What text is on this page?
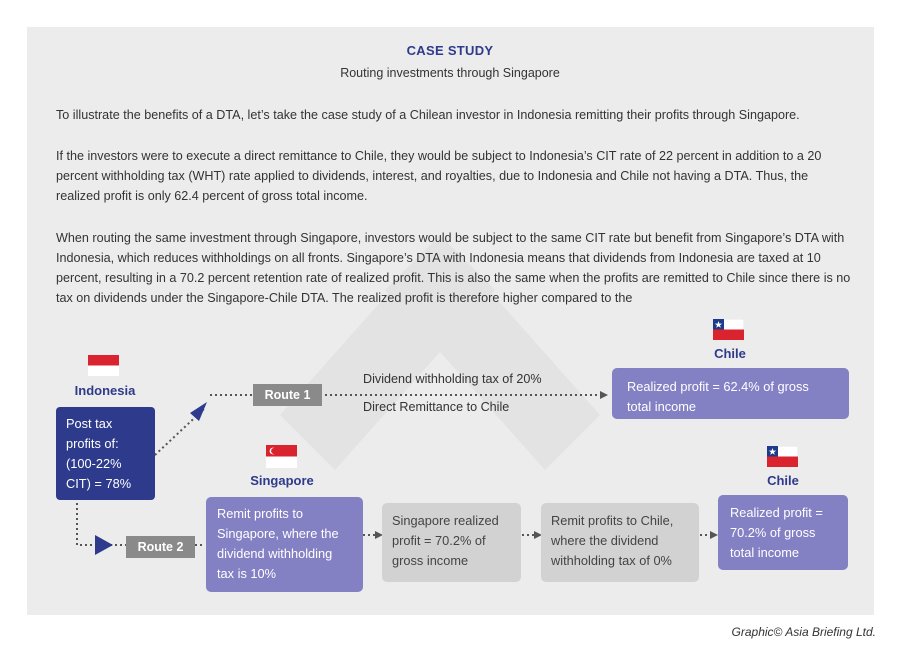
CASE STUDY
Routing investments through Singapore
To illustrate the benefits of a DTA, let’s take the case study of a Chilean investor in Indonesia remitting their profits through Singapore.
If the investors were to execute a direct remittance to Chile, they would be subject to Indonesia’s CIT rate of 22 percent in addition to a 20 percent withholding tax (WHT) rate applied to dividends, interest, and royalties, due to Indonesia and Chile not having a DTA. Thus, the realized profit is only 62.4 percent of gross total income.
When routing the same investment through Singapore, investors would be subject to the same CIT rate but benefit from Singapore’s DTA with Indonesia, which reduces withholdings on all fronts. Singapore’s DTA with Indonesia means that dividends from Indonesia are taxed at 10 percent, resulting in a 70.2 percent retention rate of realized profit. This is also the same when the profits are remitted to Chile since there is no tax on dividends under the Singapore-Chile DTA. The realized profit is therefore higher compared to the
Indonesia
Post tax profits of: (100-22% CIT) = 78%
Route 1
Dividend withholding tax of 20%
Direct Remittance to Chile
Chile
Realized profit = 62.4% of gross total income
Route 2
Singapore
Remit profits to Singapore, where the dividend withholding tax is 10%
Singapore realized profit = 70.2% of gross income
Remit profits to Chile, where the dividend withholding tax of 0%
Chile
Realized profit = 70.2% of gross total income
Graphic© Asia Briefing Ltd.
